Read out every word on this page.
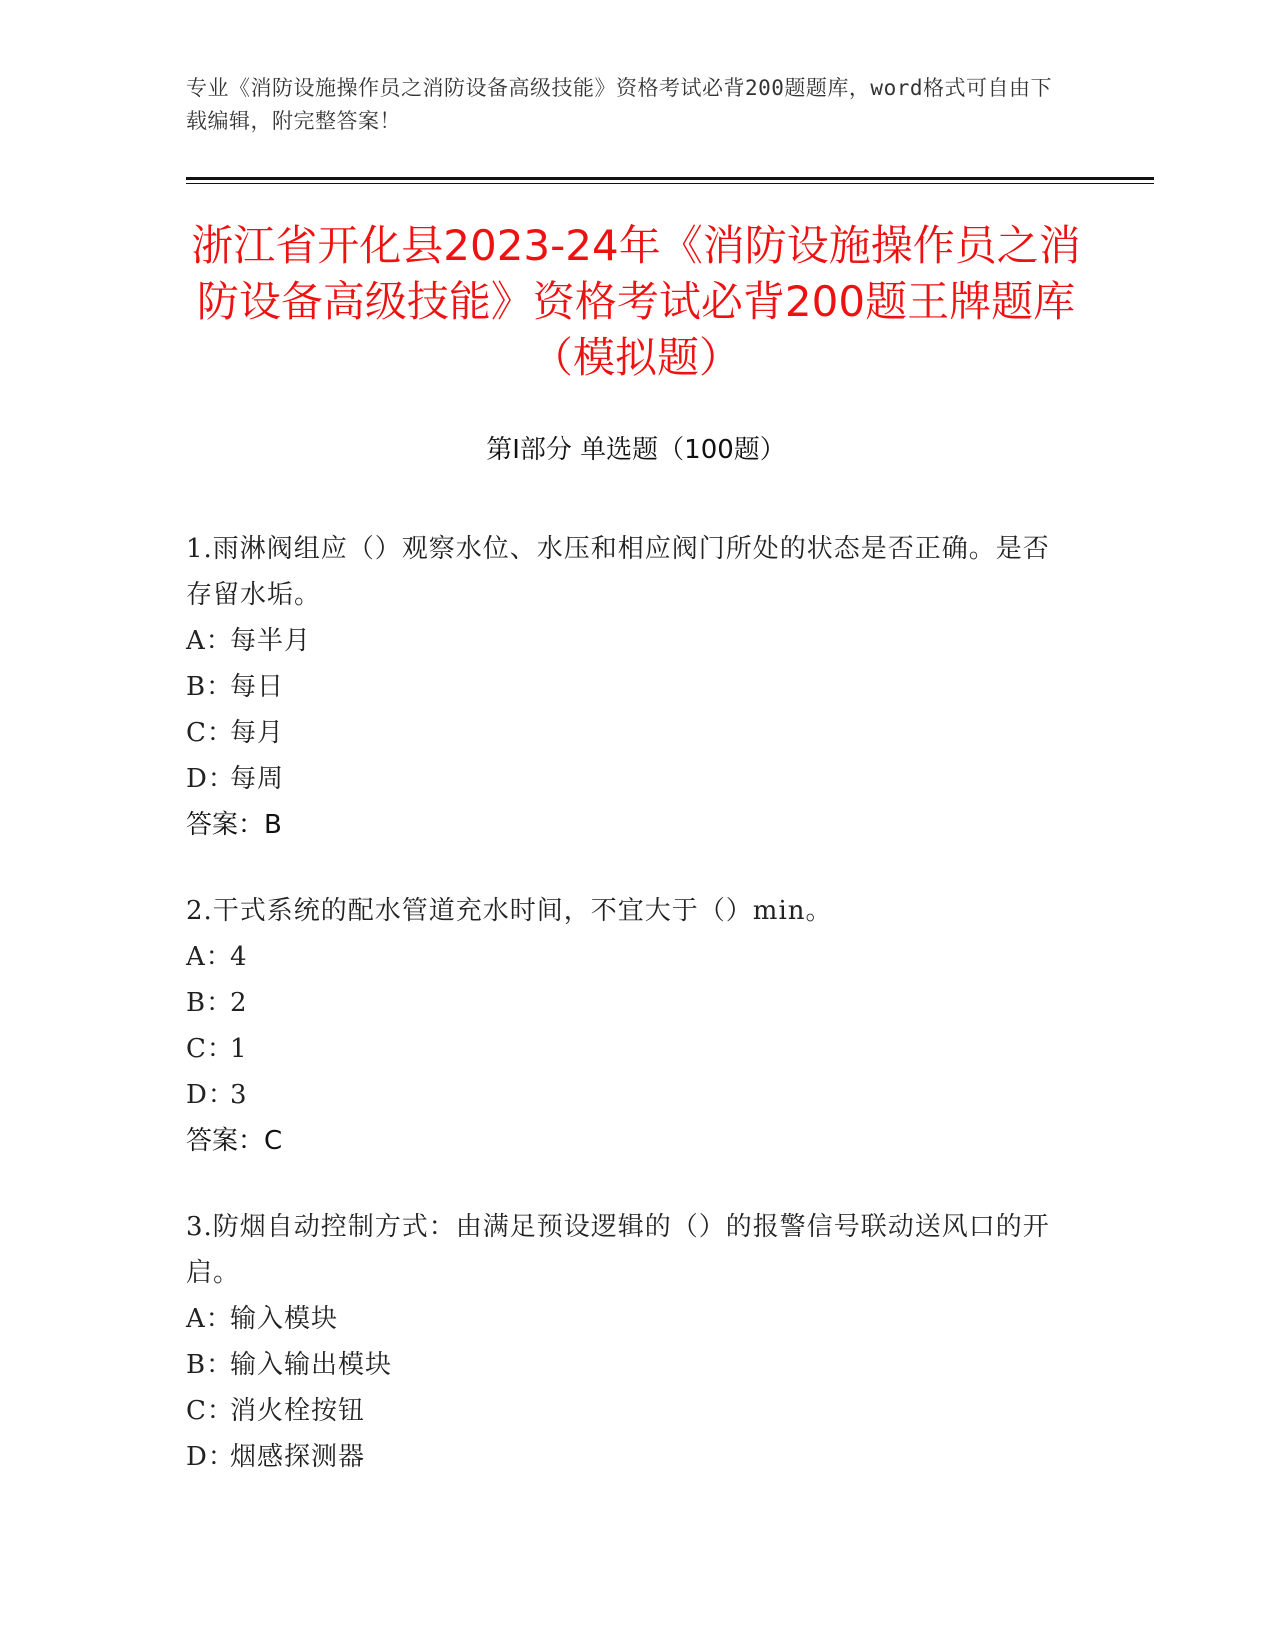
专业《消防设施操作员之消防设备高级技能》资格考试必背200题题库，word格式可自由下载编辑，附完整答案！
浙江省开化县2023-24年《消防设施操作员之消防设备高级技能》资格考试必背200题王牌题库（模拟题）
第Ⅰ部分 单选题（100题）

1.雨淋阀组应（）观察水位、水压和相应阀门所处的状态是否正确。是否存留水垢。

A：
每半月
B：
每日
C：
每月
D：
每周
答案：B

2.干式系统的配水管道充水时间，不宜大于（）min。

A：
4
B：
2
C：
1
D：
3
答案：C

3.防烟自动控制方式：由满足预设逻辑的（）的报警信号联动送风口的开启。

A：
输入模块
B：
输入输出模块
C：
消火栓按钮
D：
烟感探测器
